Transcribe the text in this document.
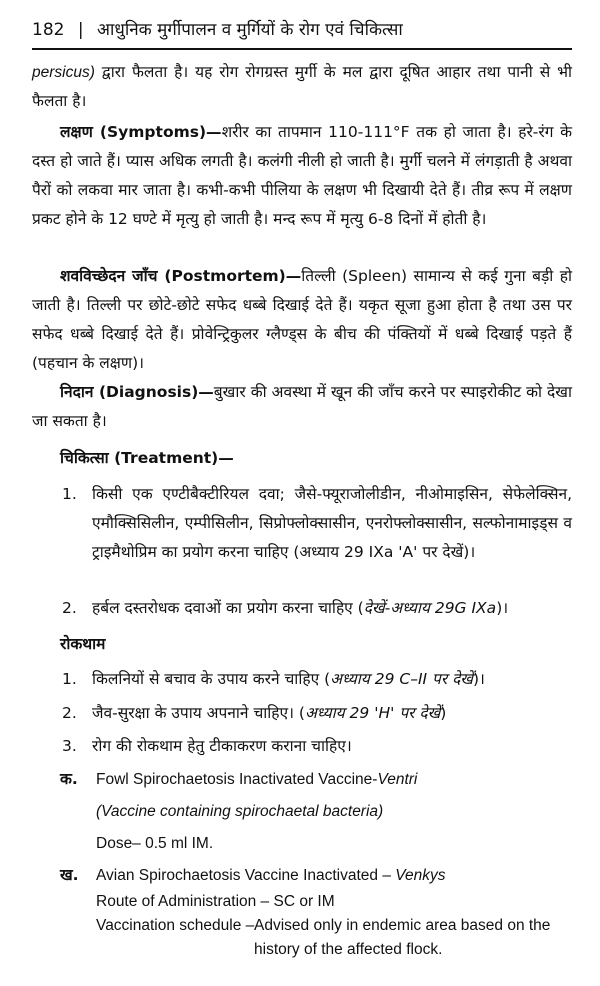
182 | आधुनिक मुर्गीपालन व मुर्गियों के रोग एवं चिकित्सा

persicus) द्वारा फैलता है। यह रोग रोगग्रस्त मुर्गी के मल द्वारा दूषित आहार तथा पानी से भी फैलता है।

लक्षण (Symptoms)—शरीर का तापमान 110-111°F तक हो जाता है। हरे-रंग के दस्त हो जाते हैं। प्यास अधिक लगती है। कलंगी नीली हो जाती है। मुर्गी चलने में लंगड़ाती है अथवा पैरों को लकवा मार जाता है। कभी-कभी पीलिया के लक्षण भी दिखायी देते हैं। तीव्र रूप में लक्षण प्रकट होने के 12 घण्टे में मृत्यु हो जाती है। मन्द रूप में मृत्यु 6-8 दिनों में होती है।

शवविच्छेदन जाँच (Postmortem)—तिल्ली (Spleen) सामान्य से कई गुना बड़ी हो जाती है। तिल्ली पर छोटे-छोटे सफेद धब्बे दिखाई देते हैं। यकृत सूजा हुआ होता है तथा उस पर सफेद धब्बे दिखाई देते हैं। प्रोवेन्ट्रिकुलर ग्लैण्ड्स के बीच की पंक्तियों में धब्बे दिखाई पड़ते हैं (पहचान के लक्षण)।

निदान (Diagnosis)—बुखार की अवस्था में खून की जाँच करने पर स्पाइरोकीट को देखा जा सकता है।

चिकित्सा (Treatment)—
1. किसी एक एण्टीबैक्टीरियल दवा; जैसे-फ्यूराजोलीडीन, नीओमाइसिन, सेफेलेक्सिन, एमौक्सिसिलीन, एम्पीसिलीन, सिप्रोफ्लोक्सासीन, एनरोफ्लोक्सासीन, सल्फोनामाइड्स व ट्राइमैथोप्रिम का प्रयोग करना चाहिए (अध्याय 29 IXa 'A' पर देखें)।
2. हर्बल दस्तरोधक दवाओं का प्रयोग करना चाहिए (देखें-अध्याय 29G IXa)।
रोकथाम
1. किलनियों से बचाव के उपाय करने चाहिए (अध्याय 29 C–II पर देखें)।
2. जैव-सुरक्षा के उपाय अपनाने चाहिए। (अध्याय 29 'H' पर देखें)
3. रोग की रोकथाम हेतु टीकाकरण कराना चाहिए।
क.	Fowl Spirochaetosis Inactivated Vaccine-Ventri
(Vaccine containing spirochaetal bacteria)
Dose– 0.5 ml IM.
ख.	Avian Spirochaetosis Vaccine Inactivated – Venkys
Route of Administration – SC or IM
Vaccination schedule – Advised only in endemic area based on the history of the affected flock.
